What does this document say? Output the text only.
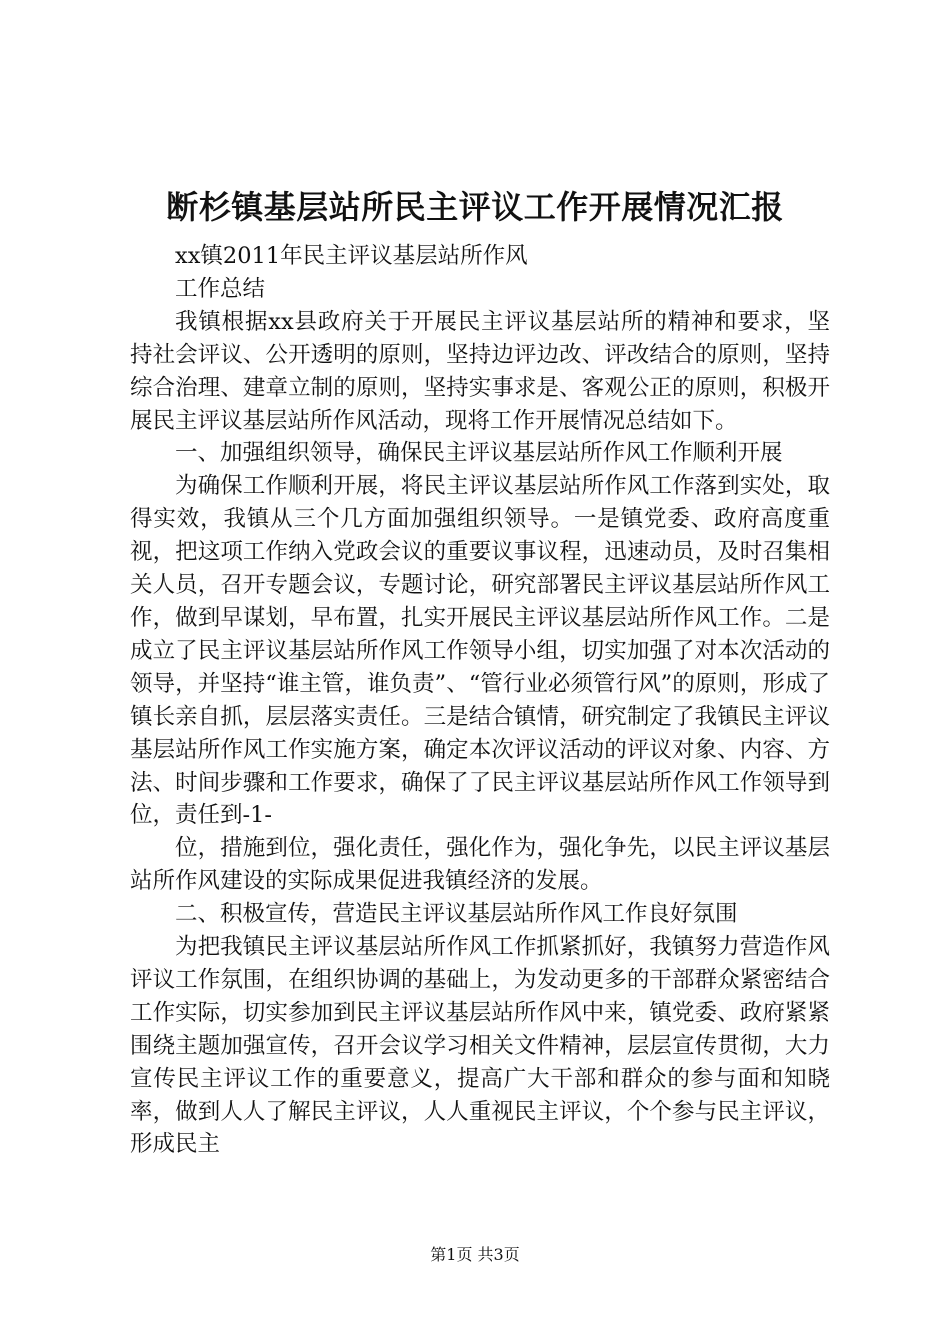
断杉镇基层站所民主评议工作开展情况汇报

xx镇2011年民主评议基层站所作风

工作总结

我镇根据xx县政府关于开展民主评议基层站所的精神和要求，坚持社会评议、公开透明的原则，坚持边评边改、评改结合的原则，坚持综合治理、建章立制的原则，坚持实事求是、客观公正的原则，积极开展民主评议基层站所作风活动，现将工作开展情况总结如下。

一、加强组织领导，确保民主评议基层站所作风工作顺利开展

为确保工作顺利开展，将民主评议基层站所作风工作落到实处，取得实效，我镇从三个几方面加强组织领导。一是镇党委、政府高度重视，把这项工作纳入党政会议的重要议事议程，迅速动员，及时召集相关人员，召开专题会议，专题讨论，研究部署民主评议基层站所作风工作，做到早谋划，早布置，扎实开展民主评议基层站所作风工作。二是成立了民主评议基层站所作风工作领导小组，切实加强了对本次活动的领导，并坚持“谁主管，谁负责”、“管行业必须管行风”的原则，形成了镇长亲自抓，层层落实责任。三是结合镇情，研究制定了我镇民主评议基层站所作风工作实施方案，确定本次评议活动的评议对象、内容、方法、时间步骤和工作要求，确保了了民主评议基层站所作风工作领导到位，责任到-1-

位，措施到位，强化责任，强化作为，强化争先，以民主评议基层站所作风建设的实际成果促进我镇经济的发展。

二、积极宣传，营造民主评议基层站所作风工作良好氛围

为把我镇民主评议基层站所作风工作抓紧抓好，我镇努力营造作风评议工作氛围，在组织协调的基础上，为发动更多的干部群众紧密结合工作实际，切实参加到民主评议基层站所作风中来，镇党委、政府紧紧围绕主题加强宣传，召开会议学习相关文件精神，层层宣传贯彻，大力宣传民主评议工作的重要意义，提高广大干部和群众的参与面和知晓率，做到人人了解民主评议，人人重视民主评议，个个参与民主评议，形成民主

第1页 共3页
